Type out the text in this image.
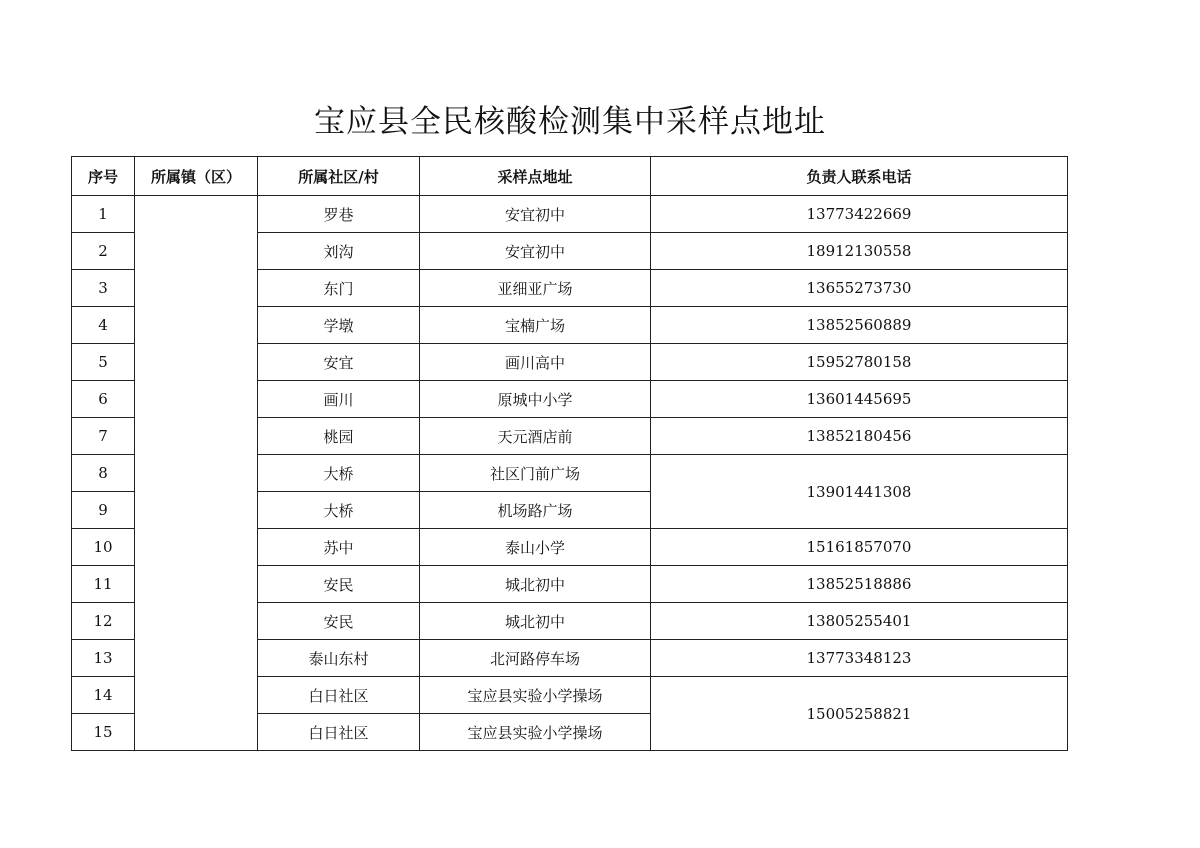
宝应县全民核酸检测集中采样点地址
序号	所属镇（区）	所属社区/村	采样点地址	负责人联系电话
1		罗巷	安宜初中	13773422669
2		刘沟	安宜初中	18912130558
3		东门	亚细亚广场	13655273730
4		学墩	宝楠广场	13852560889
5		安宜	画川高中	15952780158
6		画川	原城中小学	13601445695
7		桃园	天元酒店前	13852180456
8		大桥	社区门前广场	13901441308
9		大桥	机场路广场	
10		苏中	泰山小学	15161857070
11		安民	城北初中	13852518886
12		安民	城北初中	13805255401
13		泰山东村	北河路停车场	13773348123
14		白日社区	宝应县实验小学操场	15005258821
15		白日社区	宝应县实验小学操场	
